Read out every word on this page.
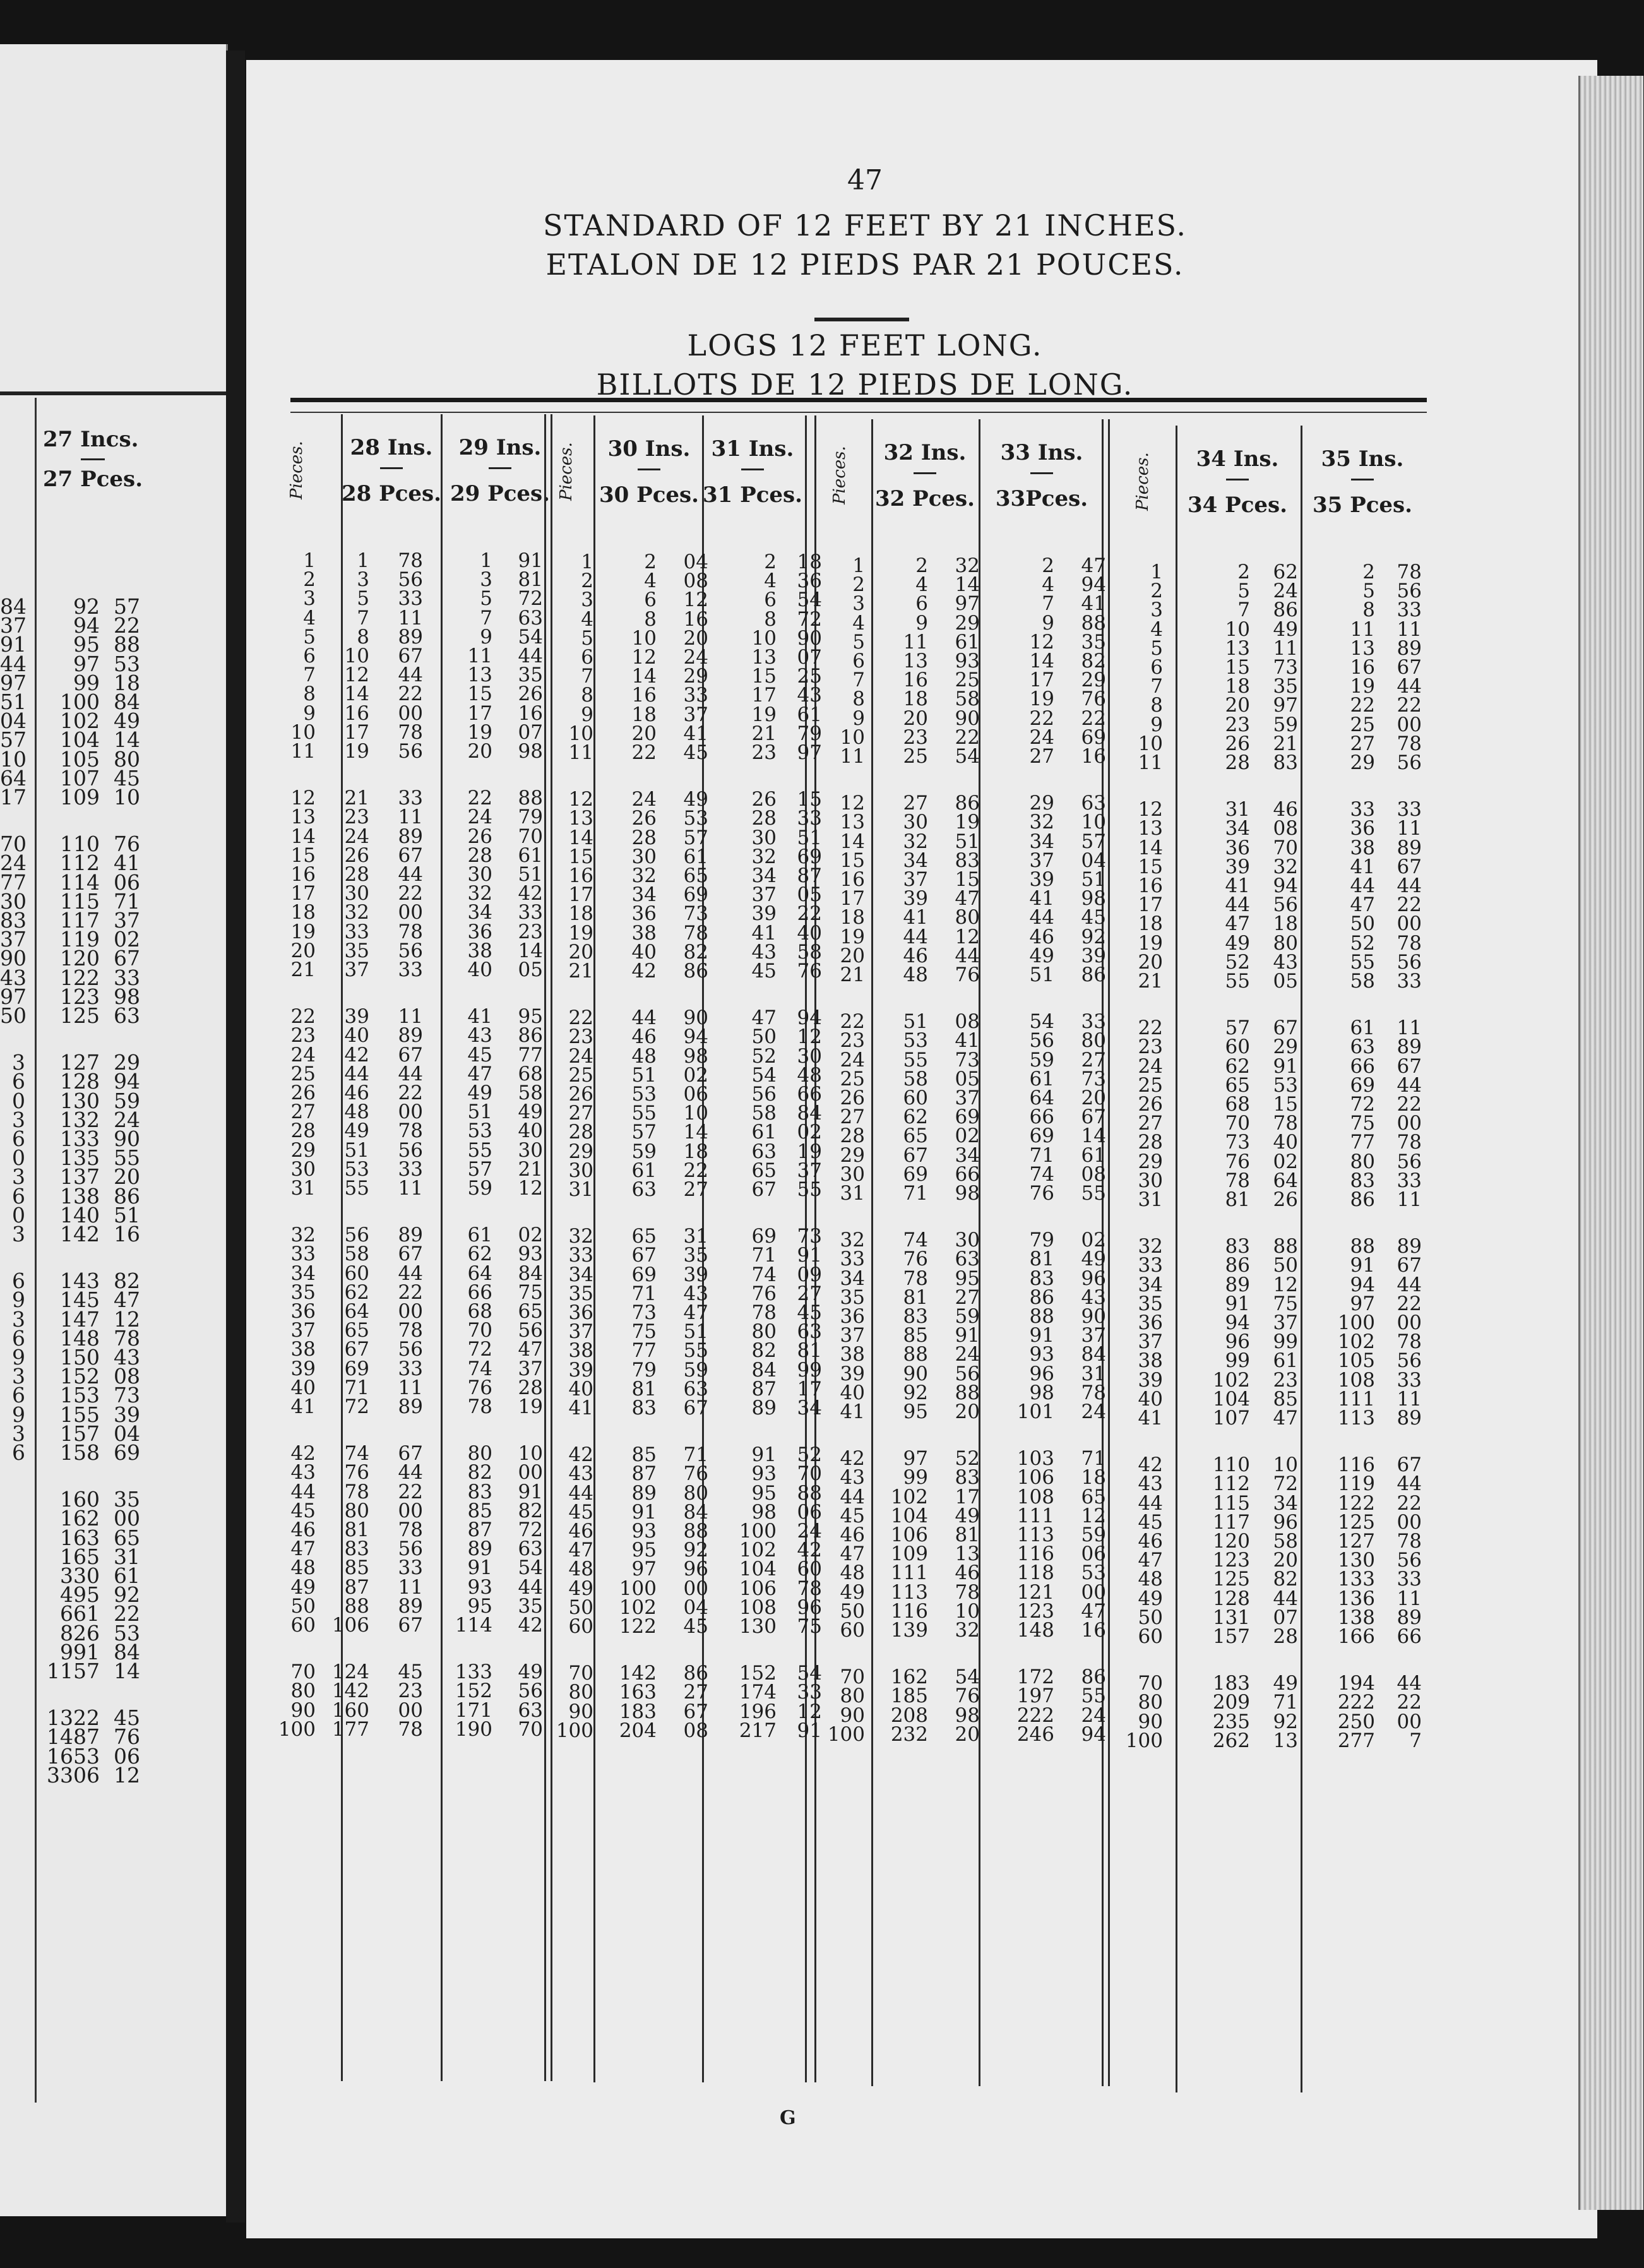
27 Incs.
27 Pces.
84	92 57
37	94 22
91	95 88
44	97 53
97	99 18
51	100 84
04	102 49
57	104 14
10	105 80
64	107 45
17	109 10
70	110 76
24	112 41
77	114 06
30	115 71
83	117 37
37	119 02
90	120 67
43	122 33
97	123 98
50	125 63
3	127 29
6	128 94
0	130 59
3	132 24
6	133 90
0	135 55
3	137 20
6	138 86
0	140 51
3	142 16
6	143 82
9	145 47
3	147 12
6	148 78
9	150 43
3	152 08
6	153 73
9	155 39
3	157 04
6	158 69
160 35
162 00
163 65
165 31
330 61
495 92
661 22
826 53
991 84
1157 14
1322 45
1487 76
1653 06
3306 12
47
STANDARD OF 12 FEET BY 21 INCHES.
ETALON DE 12 PIEDS PAR 21 POUCES.
LOGS 12 FEET LONG.
BILLOTS DE 12 PIEDS DE LONG.
Pieces.	28 Ins.
28 Pces.
29 Ins.
29 Pces.
1	1	78	1	91
2	3	56	3	81
3	5	33	5	72
4	7	11	7	63
5	8	89	9	54
6	10	67	11	44
7	12	44	13	35
8	14	22	15	26
9	16	00	17	16
10	17	78	19	07
11	19	56	20	98
12	21	33	22	88
13	23	11	24	79
14	24	89	26	70
15	26	67	28	61
16	28	44	30	51
17	30	22	32	42
18	32	00	34	33
19	33	78	36	23
20	35	56	38	14
21	37	33	40	05
22	39	11	41	95
23	40	89	43	86
24	42	67	45	77
25	44	44	47	68
26	46	22	49	58
27	48	00	51	49
28	49	78	53	40
29	51	56	55	30
30	53	33	57	21
31	55	11	59	12
32	56	89	61	02
33	58	67	62	93
34	60	44	64	84
35	62	22	66	75
36	64	00	68	65
37	65	78	70	56
38	67	56	72	47
39	69	33	74	37
40	71	11	76	28
41	72	89	78	19
42	74	67	80	10
43	76	44	82	00
44	78	22	83	91
45	80	00	85	82
46	81	78	87	72
47	83	56	89	63
48	85	33	91	54
49	87	11	93	44
50	88	89	95	35
60 106	67	114	42
70 124	45	133	49
80 142	23	152	56
90 160	00	171	63
100 177	78	190	70
Pieces.	30 Ins.
30 Pces.
31 Ins.
31 Pces.
1	2	04	2	18
2	4	08	4	36
3	6	12	6	54
4	8	16	8	72
5	10	20	10	90
6	12	24	13	07
7	14	29	15	25
8	16	33	17	43
9	18	37	19	61
10	20	41	21	79
11	22	45	23	97
12	24	49	26	15
13	26	53	28	33
14	28	57	30	51
15	30	61	32	69
16	32	65	34	87
17	34	69	37	05
18	36	73	39	22
19	38	78	41	40
20	40	82	43	58
21	42	86	45	76
22	44	90	47	94
23	46	94	50	12
24	48	98	52	30
25	51	02	54	48
26	53	06	56	66
27	55	10	58	84
28	57	14	61	02
29	59	18	63	19
30	61	22	65	37
31	63	27	67	55
32	65	31	69	73
33	67	35	71	91
34	69	39	74	09
35	71	43	76	27
36	73	47	78	45
37	75	51	80	63
38	77	55	82	81
39	79	59	84	99
40	81	63	87	17
41	83	67	89	34
42	85	71	91	52
43	87	76	93	70
44	89	80	95	88
45	91	84	98	06
46	93	88	100	24
47	95	92	102	42
48	97	96	104	60
49	100	00	106	78
50	102	04	108	96
60	122	45	130	75
70	142	86	152	54
80	163	27	174	33
90	183	67	196	12
100	204	08	217	91
Pieces.	32 Ins.
32 Pces.
33 Ins.
33Pces.
1	2	32	2	47
2	4	14	4	94
3	6	97	7	41
4	9	29	9	88
5	11	61	12	35
6	13	93	14	82
7	16	25	17	29
8	18	58	19	76
9	20	90	22	22
10	23	22	24	69
11	25	54	27	16
12	27	86	29	63
13	30	19	32	10
14	32	51	34	57
15	34	83	37	04
16	37	15	39	51
17	39	47	41	98
18	41	80	44	45
19	44	12	46	92
20	46	44	49	39
21	48	76	51	86
22	51	08	54	33
23	53	41	56	80
24	55	73	59	27
25	58	05	61	73
26	60	37	64	20
27	62	69	66	67
28	65	02	69	14
29	67	34	71	61
30	69	66	74	08
31	71	98	76	55
32	74	30	79	02
33	76	63	81	49
34	78	95	83	96
35	81	27	86	43
36	83	59	88	90
37	85	91	91	37
38	88	24	93	84
39	90	56	96	31
40	92	88	98	78
41	95	20	101	24
42	97	52	103	71
43	99	83	106	18
44	102	17	108	65
45	104	49	111	12
46	106	81	113	59
47	109	13	116	06
48	111	46	118	53
49	113	78	121	00
50	116	10	123	47
60	139	32	148	16
70	162	54	172	86
80	185	76	197	55
90	208	98	222	24
100	232	20	246	94
Pieces.	34 Ins.
34 Pces.
35 Ins.
35 Pces.
1	2	62	2	78
2	5	24	5	56
3	7	86	8	33
4	10	49	11	11
5	13	11	13	89
6	15	73	16	67
7	18	35	19	44
8	20	97	22	22
9	23	59	25	00
10	26	21	27	78
11	28	83	29	56
12	31	46	33	33
13	34	08	36	11
14	36	70	38	89
15	39	32	41	67
16	41	94	44	44
17	44	56	47	22
18	47	18	50	00
19	49	80	52	78
20	52	43	55	56
21	55	05	58	33
22	57	67	61	11
23	60	29	63	89
24	62	91	66	67
25	65	53	69	44
26	68	15	72	22
27	70	78	75	00
28	73	40	77	78
29	76	02	80	56
30	78	64	83	33
31	81	26	86	11
32	83	88	88	89
33	86	50	91	67
34	89	12	94	44
35	91	75	97	22
36	94	37	100	00
37	96	99	102	78
38	99	61	105	56
39	102	23	108	33
40	104	85	111	11
41	107	47	113	89
42	110	10	116	67
43	112	72	119	44
44	115	34	122	22
45	117	96	125	00
46	120	58	127	78
47	123	20	130	56
48	125	82	133	33
49	128	44	136	11
50	131	07	138	89
60	157	28	166	66
70	183	49	194	44
80	209	71	222	22
90	235	92	250	00
100	262	13	277	7
G
